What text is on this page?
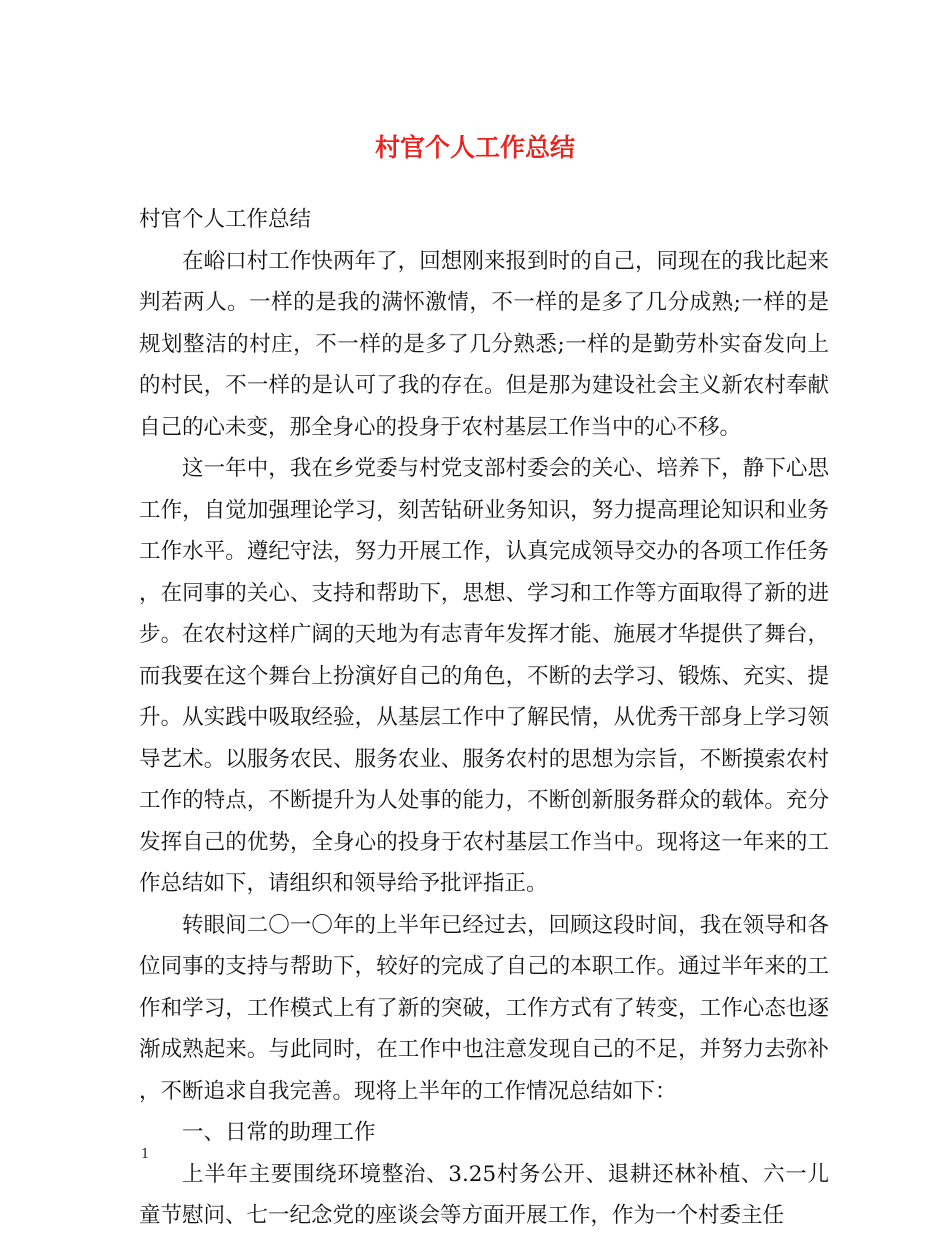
村官个人工作总结

村官个人工作总结

在峪口村工作快两年了，回想刚来报到时的自己，同现在的我比起来判若两人。一样的是我的满怀激情，不一样的是多了几分成熟;一样的是规划整洁的村庄，不一样的是多了几分熟悉;一样的是勤劳朴实奋发向上的村民，不一样的是认可了我的存在。但是那为建设社会主义新农村奉献自己的心未变，那全身心的投身于农村基层工作当中的心不移。

这一年中，我在乡党委与村党支部村委会的关心、培养下，静下心思工作，自觉加强理论学习，刻苦钻研业务知识，努力提高理论知识和业务工作水平。遵纪守法，努力开展工作，认真完成领导交办的各项工作任务，在同事的关心、支持和帮助下，思想、学习和工作等方面取得了新的进步。在农村这样广阔的天地为有志青年发挥才能、施展才华提供了舞台，而我要在这个舞台上扮演好自己的角色，不断的去学习、锻炼、充实、提升。从实践中吸取经验，从基层工作中了解民情，从优秀干部身上学习领导艺术。以服务农民、服务农业、服务农村的思想为宗旨，不断摸索农村工作的特点，不断提升为人处事的能力，不断创新服务群众的载体。充分发挥自己的优势，全身心的投身于农村基层工作当中。现将这一年来的工作总结如下，请组织和领导给予批评指正。

转眼间二〇一〇年的上半年已经过去，回顾这段时间，我在领导和各位同事的支持与帮助下，较好的完成了自己的本职工作。通过半年来的工作和学习，工作模式上有了新的突破，工作方式有了转变，工作心态也逐渐成熟起来。与此同时，在工作中也注意发现自己的不足，并努力去弥补，不断追求自我完善。现将上半年的工作情况总结如下：

一、日常的助理工作

上半年主要围绕环境整治、3.25村务公开、退耕还林补植、六一儿童节慰问、七一纪念党的座谈会等方面开展工作，作为一个村委主任

1
